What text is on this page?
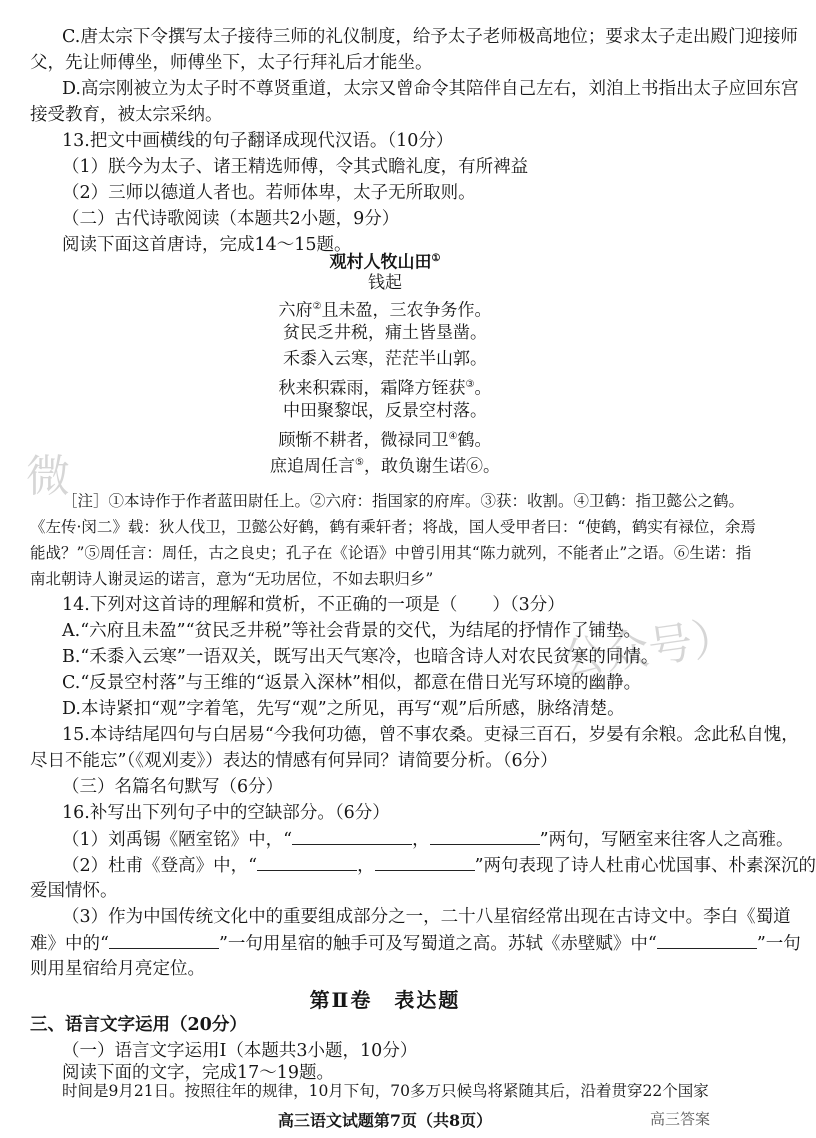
微
公众号）
C.唐太宗下令撰写太子接待三师的礼仪制度，给予太子老师极高地位；要求太子走出殿门迎接师
父，先让师傅坐，师傅坐下，太子行拜礼后才能坐。
D.高宗刚被立为太子时不尊贤重道，太宗又曾命令其陪伴自己左右，刘洎上书指出太子应回东宫
接受教育，被太宗采纳。
13.把文中画横线的句子翻译成现代汉语。（10分）
（1）朕今为太子、诸王精选师傅，令其式瞻礼度，有所裨益
（2）三师以德道人者也。若师体卑，太子无所取则。
（二）古代诗歌阅读（本题共2小题，9分）
阅读下面这首唐诗，完成14～15题。
观村人牧山田①
钱起
六府②且未盈，三农争务作。
贫民乏井税，痡土皆垦凿。
禾黍入云寒，茫茫半山郭。
秋来积霖雨，霜降方铚获③。
中田聚黎氓，反景空村落。
顾惭不耕者，微禄同卫④鹤。
庶追周任言⑤，敢负谢生诺⑥。
［注］①本诗作于作者蓝田尉任上。②六府：指国家的府库。③获：收割。④卫鹤：指卫懿公之鹤。
《左传·闵二》载：狄人伐卫，卫懿公好鹤，鹤有乘轩者；将战，国人受甲者曰：“使鹤，鹤实有禄位，余焉
能战？”⑤周任言：周任，古之良史；孔子在《论语》中曾引用其“陈力就列，不能者止”之语。⑥生诺：指
南北朝诗人谢灵运的诺言，意为“无功居位，不如去职归乡”
14.下列对这首诗的理解和赏析，不正确的一项是（　　）（3分）
A.“六府且未盈”“贫民乏井税”等社会背景的交代，为结尾的抒情作了铺垫。
B.“禾黍入云寒”一语双关，既写出天气寒冷，也暗含诗人对农民贫寒的同情。
C.“反景空村落”与王维的“返景入深林”相似，都意在借日光写环境的幽静。
D.本诗紧扣“观”字着笔，先写“观”之所见，再写“观”后所感，脉络清楚。
15.本诗结尾四句与白居易“今我何功德，曾不事农桑。吏禄三百石，岁晏有余粮。念此私自愧，
尽日不能忘”（《观刈麦》）表达的情感有何异同？请简要分析。（6分）
（三）名篇名句默写（6分）
16.补写出下列句子中的空缺部分。（6分）
（1）刘禹锡《陋室铭》中，“	，	”两句，写陋室来往客人之高雅。
（2）杜甫《登高》中，“	，	”两句表现了诗人杜甫心忧国事、朴素深沉的
爱国情怀。
（3）作为中国传统文化中的重要组成部分之一，二十八星宿经常出现在古诗文中。李白《蜀道
难》中的“	”一句用星宿的触手可及写蜀道之高。苏轼《赤壁赋》中“	”一句
则用星宿给月亮定位。
第Ⅱ卷　表达题
三、语言文字运用（20分）
（一）语言文字运用Ⅰ（本题共3小题，10分）
阅读下面的文字，完成17～19题。
时间是9月21日。按照往年的规律，10月下旬，70多万只候鸟将紧随其后，沿着贯穿22个国家
高三语文试题第7页（共8页）	高三答案
